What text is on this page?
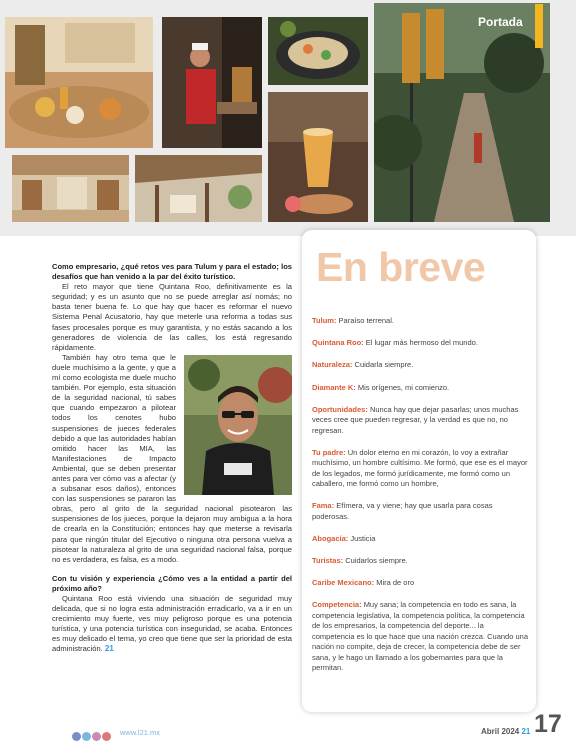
Portada

Como empresario, ¿qué retos ves para Tulum y para el estado; los desafíos que han venido a la par del éxito turístico.

El reto mayor que tiene Quintana Roo, definitivamente es la seguridad; y es un asunto que no se puede arreglar así nomás; no basta tener buena fe. Lo que hay que hacer es reformar el nuevo Sistema Penal Acusatorio, hay que meterle una reforma a todas sus fases procesales porque es muy garantista, y no estás sacando a los generadores de violencia de las calles, los está regresando rápidamente.

También hay otro tema que le duele muchísimo a la gente, y que a mí como ecologista me duele mucho también. Por ejemplo, esta situación de la seguridad nacional, tú sabes que cuando empezaron a pilotear todos los cenotes hubo suspensiones de jueces federales debido a que las autoridades habían omitido hacer las MIA, las Manifestaciones de Impacto Ambiental, que se deben presentar antes para ver cómo vas a afectar (y a subsanar esos daños), entonces con las suspensiones se pararon las obras, pero al grito de la seguridad nacional pisotearon las suspensiones de los jueces, porque la dejaron muy ambigua a la hora de crearla en la Constitución; entonces hay que meterse a revisarla para que ningún titular del Ejecutivo o ninguna otra persona vuelva a pisotear la naturaleza al grito de una seguridad nacional falsa, porque no es verdadera, es falsa, es a modo.

Con tu visión y experiencia ¿Cómo ves a la entidad a partir del próximo año?

Quintana Roo está viviendo una situación de seguridad muy delicada, que si no logra esta administración erradicarlo, va a ir en un crecimiento muy fuerte, ves muy peligroso porque es una potencia turística, y una potencia turística con inseguridad, se acaba. Entonces es muy delicado el tema, yo creo que tiene que ser la prioridad de esta administración. 21

En breve

Tulum: Paraíso terrenal.

Quintana Roo: El lugar más hermoso del mundo.

Naturaleza: Cuidarla siempre.

Diamante K: Mis orígenes, mi comienzo.

Oportunidades: Nunca hay que dejar pasarlas; unos muchas veces cree que pueden regresar, y la verdad es que no, no regresan.

Tu padre: Un dolor eterno en mi corazón, lo voy a extrañar muchísimo, un hombre cultísimo. Me formó, que ese es el mayor de los legados, me formó jurídicamente, me formó como un caballero, me formó como un hombre,

Fama: Efímera, va y viene; hay que usarla para cosas poderosas.

Abogacía: Justicia

Turistas: Cuidarlos siempre.

Caribe Mexicano: Mira de oro

Competencia: Muy sana; la competencia en todo es sana, la competencia legislativa, la competencia política, la competencia de los empresarios, la competencia del deporte... la competencia es lo que hace que una nación crezca. Cuando una nación no compite, deja de crecer, la competencia debe de ser sana, y le hago un llamado a los gobernantes para que la permitan.

www.l21.mx	Abril 2024 21 17
